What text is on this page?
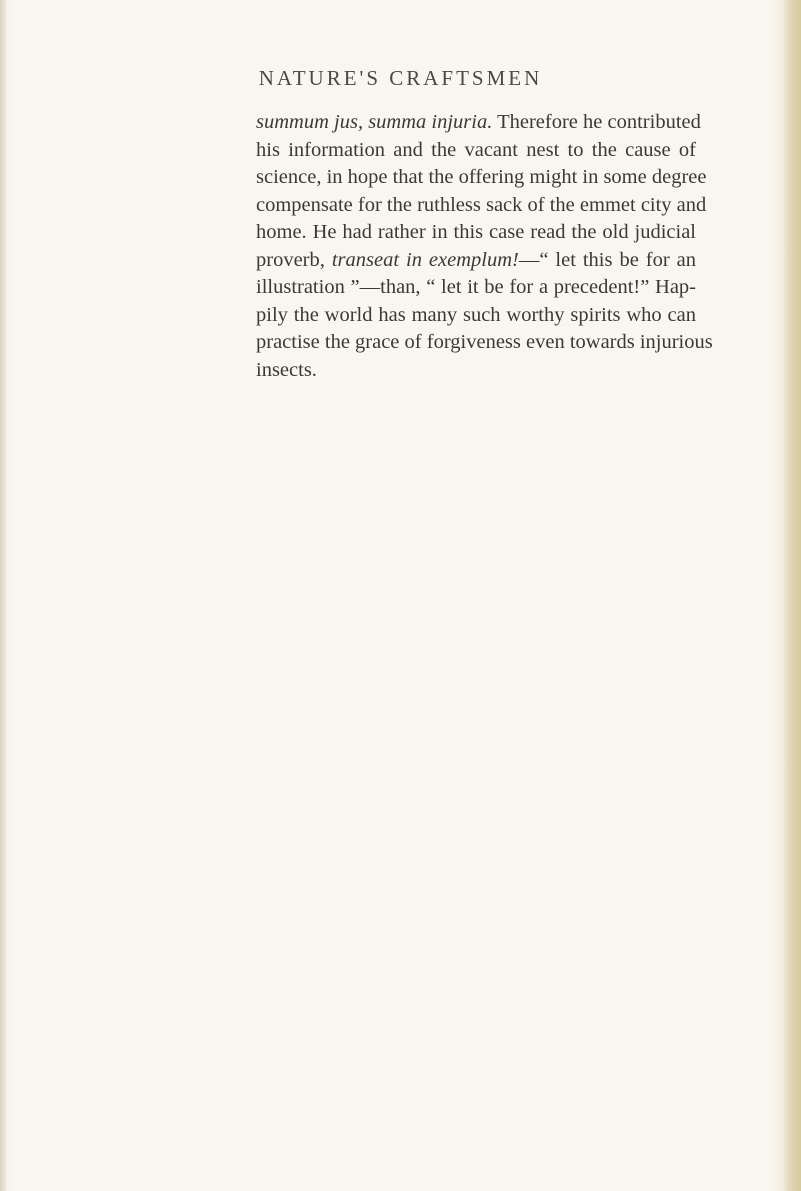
NATURE'S CRAFTSMEN
summum jus, summa injuria. Therefore he contributed
his information and the vacant nest to the cause of
science, in hope that the offering might in some degree
compensate for the ruthless sack of the emmet city and
home. He had rather in this case read the old judicial
proverb, transeat in exemplum!—“ let this be for an
illustration ”—than, “ let it be for a precedent!” Hap-
pily the world has many such worthy spirits who can
practise the grace of forgiveness even towards injurious
insects.
